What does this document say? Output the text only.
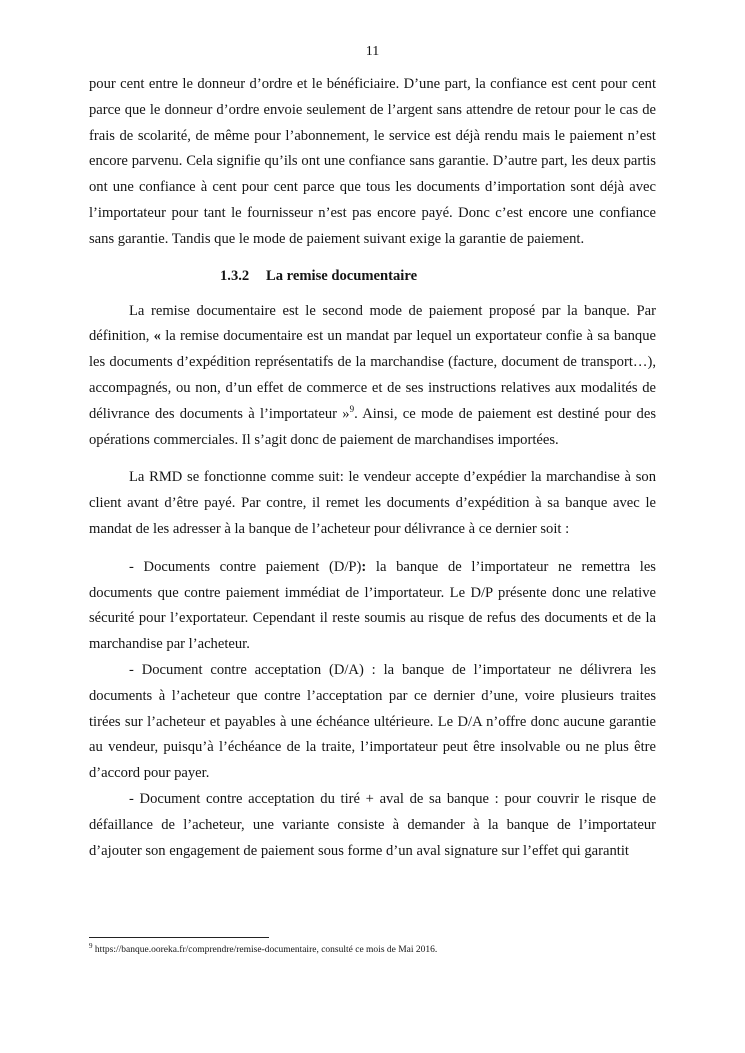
11

pour cent entre le donneur d’ordre et le bénéficiaire. D’une part, la confiance est cent pour cent parce que le donneur d’ordre envoie seulement de l’argent sans attendre de retour pour le cas de frais de scolarité, de même pour l’abonnement, le service est déjà rendu mais le paiement n’est encore parvenu. Cela signifie qu’ils ont une confiance sans garantie. D’autre part, les deux partis ont une confiance à cent pour cent parce que tous les documents d’importation sont déjà avec l’importateur pour tant le fournisseur n’est pas encore payé. Donc c’est encore une confiance sans garantie. Tandis que le mode de paiement suivant exige la garantie de paiement.

1.3.2 La remise documentaire

La remise documentaire est le second mode de paiement proposé par la banque. Par définition, « la remise documentaire est un mandat par lequel un exportateur confie à sa banque les documents d’expédition représentatifs de la marchandise (facture, document de transport…), accompagnés, ou non, d’un effet de commerce et de ses instructions relatives aux modalités de délivrance des documents à l’importateur »$^9$. Ainsi, ce mode de paiement est destiné pour des opérations commerciales. Il s’agit donc de paiement de marchandises importées.

La RMD se fonctionne comme suit: le vendeur accepte d’expédier la marchandise à son client avant d’être payé. Par contre, il remet les documents d’expédition à sa banque avec le mandat de les adresser à la banque de l’acheteur pour délivrance à ce dernier soit :

- Documents contre paiement (D/P): la banque de l’importateur ne remettra les documents que contre paiement immédiat de l’importateur. Le D/P présente donc une relative sécurité pour l’exportateur. Cependant il reste soumis au risque de refus des documents et de la marchandise par l’acheteur.

- Document contre acceptation (D/A) : la banque de l’importateur ne délivrera les documents à l’acheteur que contre l’acceptation par ce dernier d’une, voire plusieurs traites tirées sur l’acheteur et payables à une échéance ultérieure. Le D/A n’offre donc aucune garantie au vendeur, puisqu’à l’échéance de la traite, l’importateur peut être insolvable ou ne plus être d’accord pour payer.

- Document contre acceptation du tiré + aval de sa banque : pour couvrir le risque de défaillance de l’acheteur, une variante consiste à demander à la banque de l’importateur d’ajouter son engagement de paiement sous forme d’un aval signature sur l’effet qui garantit

$^9$ https://banque.ooreka.fr/comprendre/remise-documentaire, consulté ce mois de Mai 2016.
